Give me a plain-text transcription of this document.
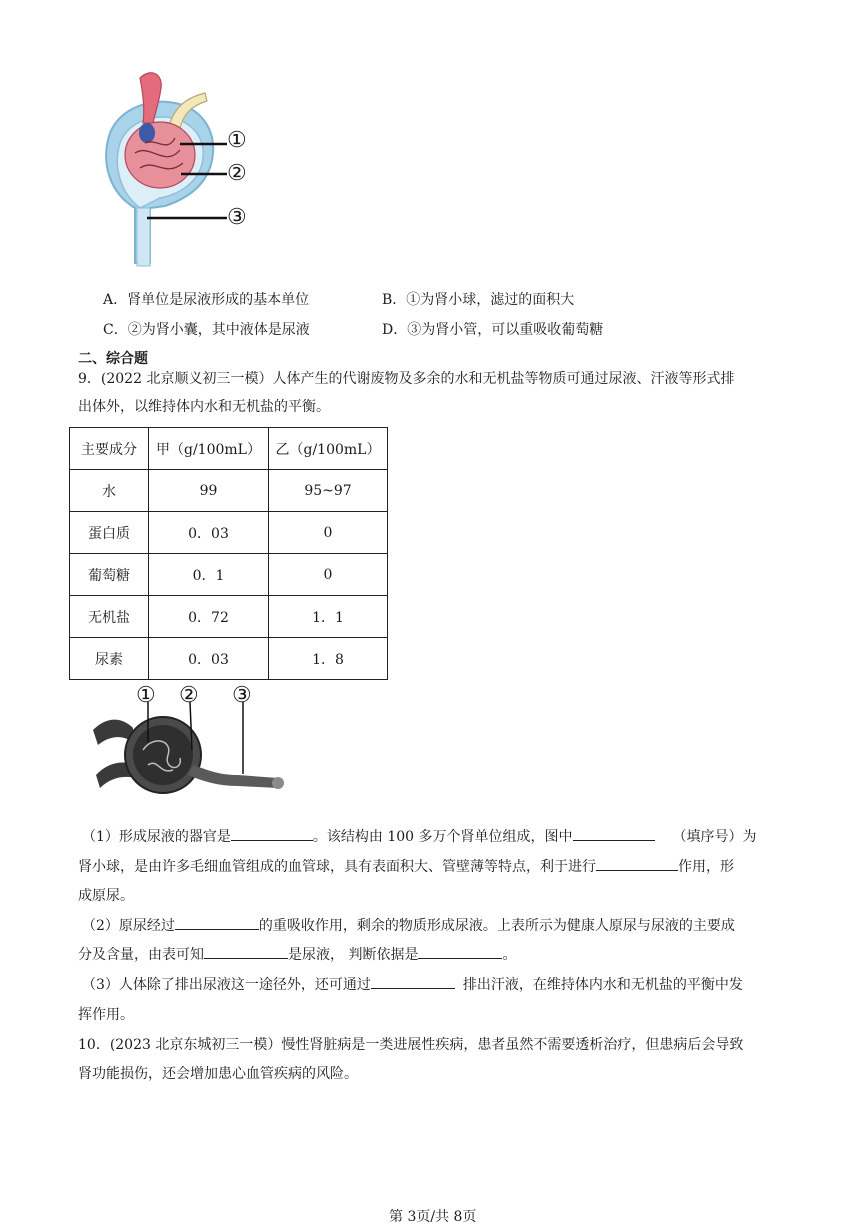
①
②
③
A．肾单位是尿液形成的基本单位	B．①为肾小球，滤过的面积大
C．②为肾小囊，其中液体是尿液	D．③为肾小管，可以重吸收葡萄糖
二、综合题
9．(2022 北京顺义初三一模）人体产生的代谢废物及多余的水和无机盐等物质可通过尿液、汗液等形式排
出体外，以维持体内水和无机盐的平衡。
主要成分	甲（g/100mL）	乙（g/100mL）
水	99	95~97
蛋白质	0．03	0
葡萄糖	0．1	0
无机盐	0．72	1．1
尿素	0．03	1．8
① ② ③
（1）形成尿液的器官是	。该结构由 100 多万个肾单位组成，图中	（填序号）为
肾小球，是由许多毛细血管组成的血管球，具有表面积大、管壁薄等特点，利于进行	作用，形
成原尿。
（2）原尿经过	的重吸收作用，剩余的物质形成尿液。上表所示为健康人原尿与尿液的主要成
分及含量，由表可知	是尿液， 判断依据是	。
（3）人体除了排出尿液这一途径外，还可通过	排出汗液，在维持体内水和无机盐的平衡中发
挥作用。
10．(2023 北京东城初三一模）慢性肾脏病是一类进展性疾病，患者虽然不需要透析治疗，但患病后会导致
肾功能损伤，还会增加患心血管疾病的风险。
第 3页/共 8页
